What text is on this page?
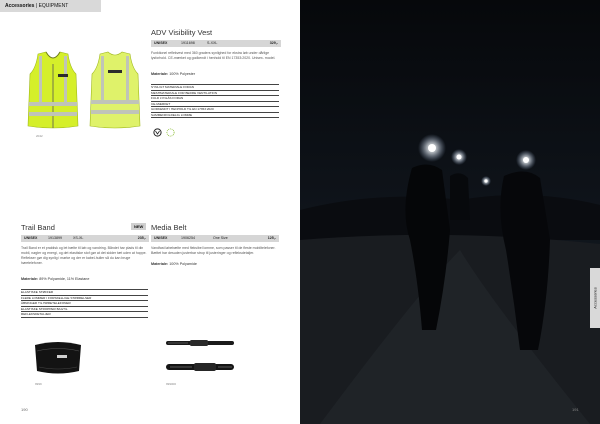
Accessories | EQUIPMENT
2042
ADV Visibility Vest
UNISEX	1911698	S-XXL	329,-
Funktionel reflekvest med 360 graders synlighed for ekstra løb under dårlige lysforhold. CE-mærket og godkendt i henhold til EN 17353:2020. Unisex- model.
Materiale: 100% Polyester
SYNLIGT MATERIALE FORAN
MESHMATERIALE FOR BEDRE VENTILATION
FULD LYNLÅS FORAN
CE-MÆRKET
GODKENDT I HENHOLD TIL EN 17353:2020
SAMMENFOLDELIG LOMME
Trail Band	NEW
UNISEX	1913899	XS-XL	235,-
Trail Band er et praktisk og let bælte til løb og vandring. Båndet har plads til din mobil, nøgler og energi, og det elastiske stof gør at det sidder tæt uden at hoppe. Reflekser gør dig synlig i mørke og der er kabel-huller så du kan bruge høretelefoner.
Materiale: 89% Polyamide, 11% Elastane
ELASTISKE STØFFER
FLERE LOMMER I FORSKELLIGE STØRRELSER
ÅBNINGER TIL HØRETELEFONER
ELASTISKE STROPPER BAGTIL
REFLEKSDETALJER
9999
Media Belt
UNISEX	1906254	One Size	125,-
Vandfast løbebælte med fleksibel lomme, som passer til de fleste mobiltelefoner. Bæltet har desuden justerbar strop til justeringer og refleksdetaljer.
Materiale: 100% Polyamide
999000
190
Accessories
191
